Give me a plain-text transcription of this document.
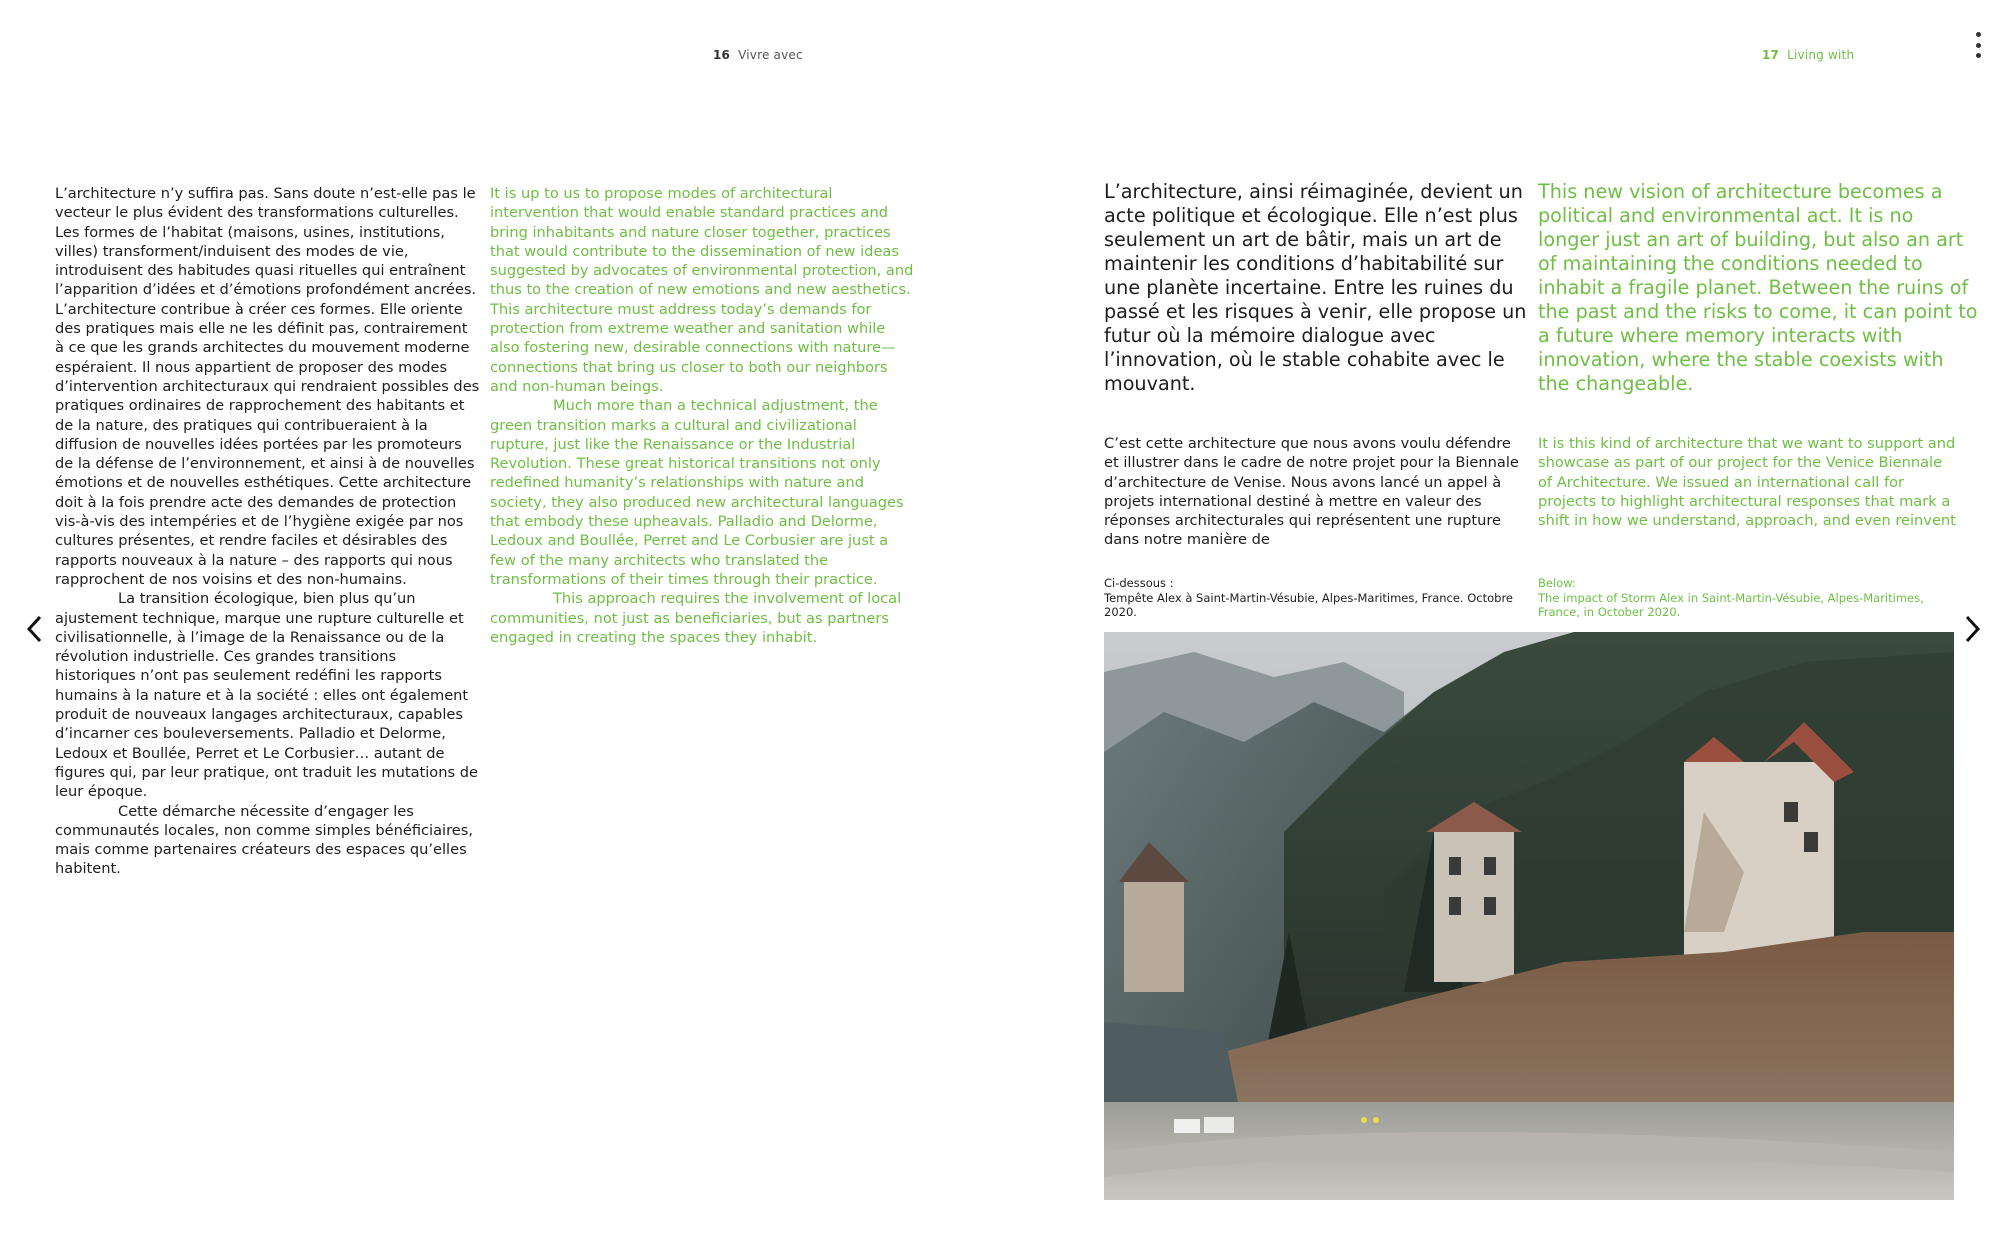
16 Vivre avec	17 Living with

L’architecture n’y suffira pas. Sans doute n’est-elle pas le vecteur le plus évident des transformations culturelles. Les formes de l’habitat (maisons, usines, institutions, villes) transforment/induisent des modes de vie, introduisent des habitudes quasi rituelles qui entraînent l’apparition d’idées et d’émotions profondément ancrées. L’architecture contribue à créer ces formes. Elle oriente des pratiques mais elle ne les définit pas, contrairement à ce que les grands architectes du mouvement moderne espéraient. Il nous appartient de proposer des modes d’intervention architecturaux qui rendraient possibles des pratiques ordinaires de rapprochement des habitants et de la nature, des pratiques qui contribueraient à la diffusion de nouvelles idées portées par les promoteurs de la défense de l’environnement, et ainsi à de nouvelles émotions et de nouvelles esthétiques. Cette architecture doit à la fois prendre acte des demandes de protection vis-à-vis des intempéries et de l’hygiène exigée par nos cultures présentes, et rendre faciles et désirables des rapports nouveaux à la nature – des rapports qui nous rapprochent de nos voisins et des non-humains.

La transition écologique, bien plus qu’un ajustement technique, marque une rupture culturelle et civilisationnelle, à l’image de la Renaissance ou de la révolution industrielle. Ces grandes transitions historiques n’ont pas seulement redéfini les rapports humains à la nature et à la société : elles ont également produit de nouveaux langages architecturaux, capables d’incarner ces bouleversements. Palladio et Delorme, Ledoux et Boullée, Perret et Le Corbusier… autant de figures qui, par leur pratique, ont traduit les mutations de leur époque.

Cette démarche nécessite d’engager les communautés locales, non comme simples bénéficiaires, mais comme partenaires créateurs des espaces qu’elles habitent.

It is up to us to propose modes of architectural intervention that would enable standard practices and bring inhabitants and nature closer together, practices that would contribute to the dissemination of new ideas suggested by advocates of environmental protection, and thus to the creation of new emotions and new aesthetics. This architecture must address today’s demands for protection from extreme weather and sanitation while also fostering new, desirable connections with nature—connections that bring us closer to both our neighbors and non-human beings.

Much more than a technical adjustment, the green transition marks a cultural and civilizational rupture, just like the Renaissance or the Industrial Revolution. These great historical transitions not only redefined humanity’s relationships with nature and society, they also produced new architectural languages that embody these upheavals. Palladio and Delorme, Ledoux and Boullée, Perret and Le Corbusier are just a few of the many architects who translated the transformations of their times through their practice.

This approach requires the involvement of local communities, not just as beneficiaries, but as partners engaged in creating the spaces they inhabit.

L’architecture, ainsi réimaginée, devient un acte politique et écologique. Elle n’est plus seulement un art de bâtir, mais un art de maintenir les conditions d’habitabilité sur une planète incertaine. Entre les ruines du passé et les risques à venir, elle propose un futur où la mémoire dialogue avec l’innovation, où le stable cohabite avec le mouvant.

This new vision of architecture becomes a political and environmental act. It is no longer just an art of building, but also an art of maintaining the conditions needed to inhabit a fragile planet. Between the ruins of the past and the risks to come, it can point to a future where memory interacts with innovation, where the stable coexists with the changeable.

C’est cette architecture que nous avons voulu défendre et illustrer dans le cadre de notre projet pour la Biennale d’architecture de Venise. Nous avons lancé un appel à projets international destiné à mettre en valeur des réponses architecturales qui représentent une rupture dans notre manière de

It is this kind of architecture that we want to support and showcase as part of our project for the Venice Biennale of Architecture. We issued an international call for projects to highlight architectural responses that mark a shift in how we understand, approach, and even reinvent

Ci-dessous :
Tempête Alex à Saint-Martin-Vésubie, Alpes-Maritimes, France. Octobre 2020.
Below:
The impact of Storm Alex in Saint-Martin-Vésubie, Alpes-Maritimes, France, in October 2020.
